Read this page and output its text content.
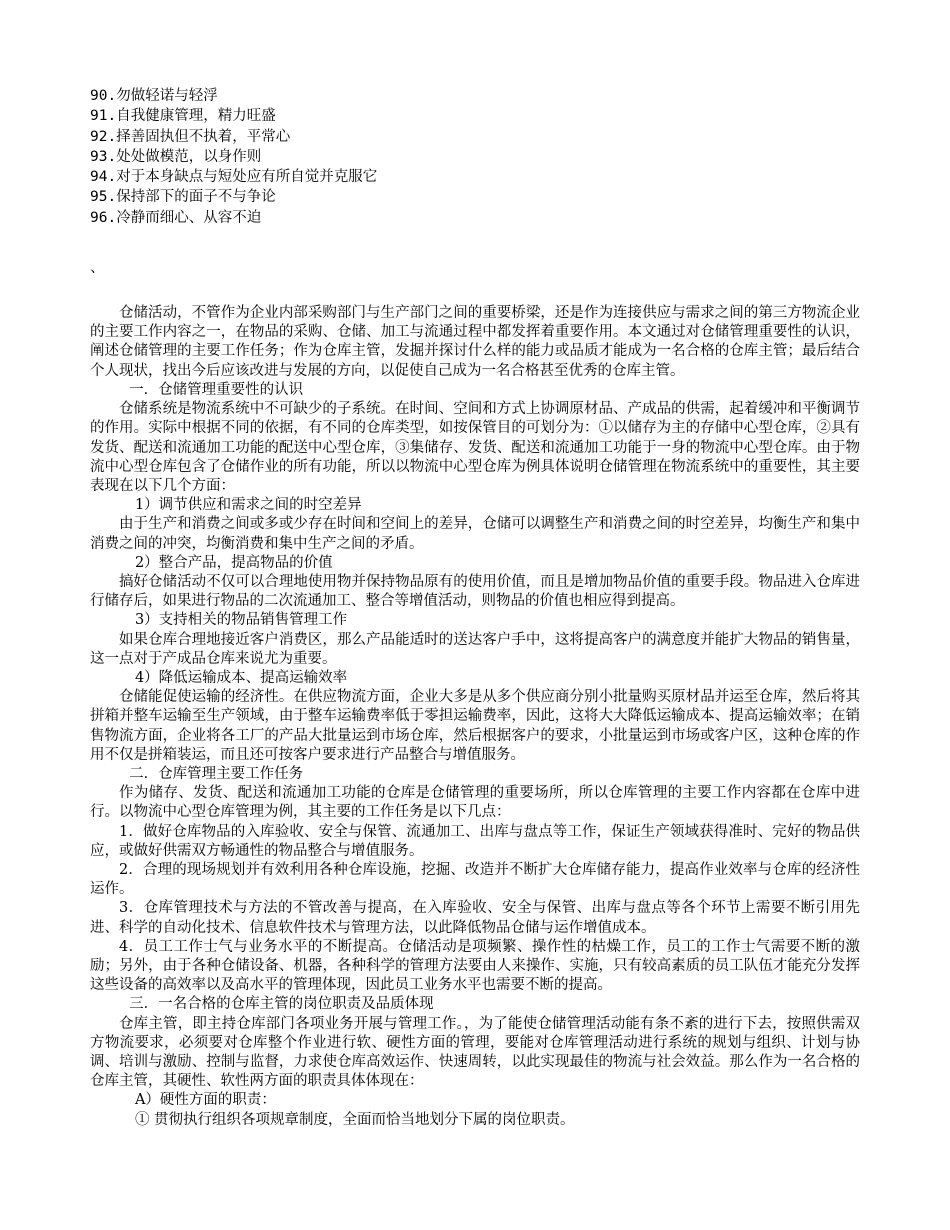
90.勿做轻诺与轻浮
91.自我健康管理，精力旺盛
92.择善固执但不执着，平常心
93.处处做模范，以身作则
94.对于本身缺点与短处应有所自觉并克服它
95.保持部下的面子不与争论
96.冷静而细心、从容不迫
、

仓储活动，不管作为企业内部采购部门与生产部门之间的重要桥梁，还是作为连接供应与需求之间的第三方物流企业的主要工作内容之一，在物品的采购、仓储、加工与流通过程中都发挥着重要作用。本文通过对仓储管理重要性的认识，阐述仓储管理的主要工作任务；作为仓库主管，发掘并探讨什么样的能力或品质才能成为一名合格的仓库主管；最后结合个人现状，找出今后应该改进与发展的方向，以促使自己成为一名合格甚至优秀的仓库主管。

一．仓储管理重要性的认识

仓储系统是物流系统中不可缺少的子系统。在时间、空间和方式上协调原材品、产成品的供需，起着缓冲和平衡调节的作用。实际中根据不同的依据，有不同的仓库类型，如按保管目的可划分为：①以储存为主的存储中心型仓库，②具有发货、配送和流通加工功能的配送中心型仓库，③集储存、发货、配送和流通加工功能于一身的物流中心型仓库。由于物流中心型仓库包含了仓储作业的所有功能，所以以物流中心型仓库为例具体说明仓储管理在物流系统中的重要性，其主要表现在以下几个方面：

1）调节供应和需求之间的时空差异

由于生产和消费之间或多或少存在时间和空间上的差异，仓储可以调整生产和消费之间的时空差异，均衡生产和集中消费之间的冲突，均衡消费和集中生产之间的矛盾。

2）整合产品，提高物品的价值

搞好仓储活动不仅可以合理地使用物并保持物品原有的使用价值，而且是增加物品价值的重要手段。物品进入仓库进行储存后，如果进行物品的二次流通加工、整合等增值活动，则物品的价值也相应得到提高。

3）支持相关的物品销售管理工作

如果仓库合理地接近客户消费区，那么产品能适时的送达客户手中，这将提高客户的满意度并能扩大物品的销售量，这一点对于产成品仓库来说尤为重要。

4）降低运输成本、提高运输效率

仓储能促使运输的经济性。在供应物流方面，企业大多是从多个供应商分别小批量购买原材品并运至仓库，然后将其拼箱并整车运输至生产领域，由于整车运输费率低于零担运输费率，因此，这将大大降低运输成本、提高运输效率；在销售物流方面，企业将各工厂的产品大批量运到市场仓库，然后根据客户的要求，小批量运到市场或客户区，这种仓库的作用不仅是拼箱装运，而且还可按客户要求进行产品整合与增值服务。

二．仓库管理主要工作任务

作为储存、发货、配送和流通加工功能的仓库是仓储管理的重要场所，所以仓库管理的主要工作内容都在仓库中进行。以物流中心型仓库管理为例，其主要的工作任务是以下几点：

1．做好仓库物品的入库验收、安全与保管、流通加工、出库与盘点等工作，保证生产领域获得准时、完好的物品供应，或做好供需双方畅通性的物品整合与增值服务。

2．合理的现场规划并有效利用各种仓库设施，挖掘、改造并不断扩大仓库储存能力，提高作业效率与仓库的经济性运作。

3．仓库管理技术与方法的不管改善与提高，在入库验收、安全与保管、出库与盘点等各个环节上需要不断引用先进、科学的自动化技术、信息软件技术与管理方法，以此降低物品仓储与运作增值成本。

4．员工工作士气与业务水平的不断提高。仓储活动是项频繁、操作性的枯燥工作，员工的工作士气需要不断的激励；另外，由于各种仓储设备、机器，各种科学的管理方法要由人来操作、实施，只有较高素质的员工队伍才能充分发挥这些设备的高效率以及高水平的管理体现，因此员工业务水平也需要不断的提高。

三．一名合格的仓库主管的岗位职责及品质体现

仓库主管，即主持仓库部门各项业务开展与管理工作。，为了能使仓储管理活动能有条不紊的进行下去，按照供需双方物流要求，必须要对仓库整个作业进行软、硬性方面的管理，要能对仓库管理活动进行系统的规划与组织、计划与协调、培训与激励、控制与监督，力求使仓库高效运作、快速周转，以此实现最佳的物流与社会效益。那么作为一名合格的仓库主管，其硬性、软性两方面的职责具体体现在：

A）硬性方面的职责：

① 贯彻执行组织各项规章制度，全面而恰当地划分下属的岗位职责。
